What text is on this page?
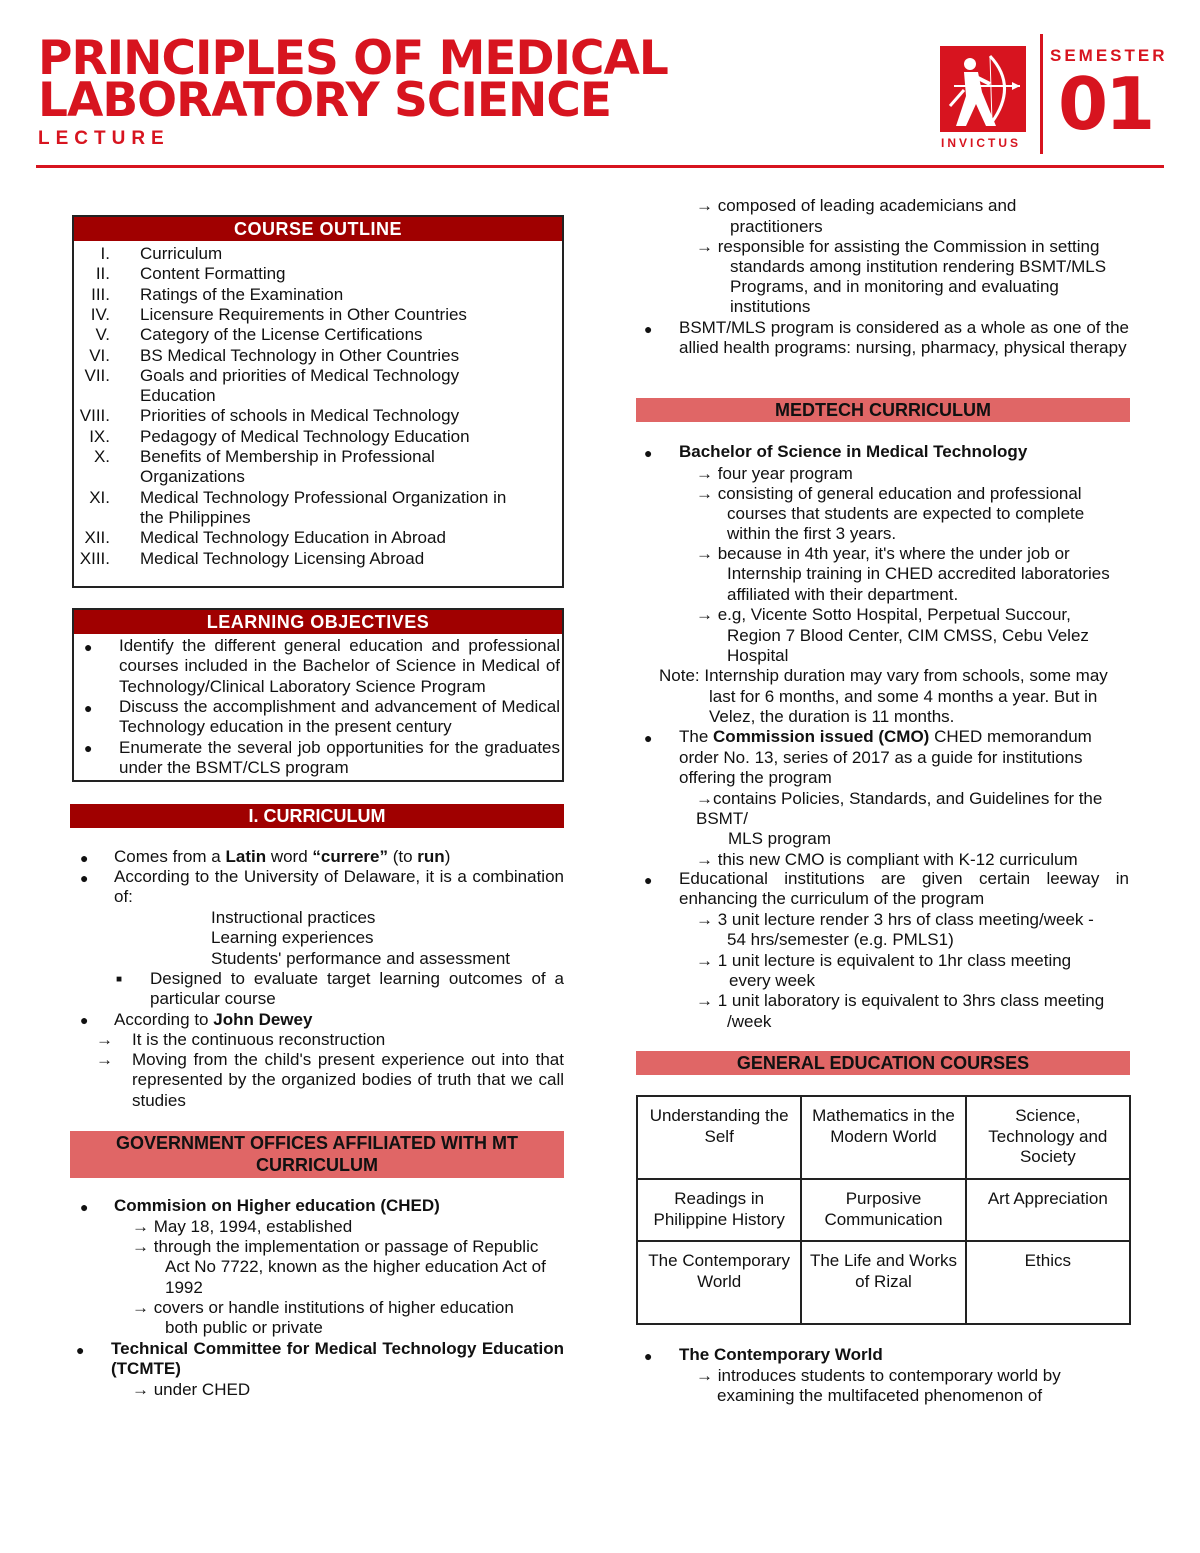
PRINCIPLES OF MEDICAL
LABORATORY SCIENCE
LECTURE	INVICTUS
SEMESTER
01
COURSE OUTLINE
I. Curriculum
II. Content Formatting
III. Ratings of the Examination
IV. Licensure Requirements in Other Countries
V. Category of the License Certifications
VI. BS Medical Technology in Other Countries
VII. Goals and priorities of Medical Technology
Education
VIII. Priorities of schools in Medical Technology
IX. Pedagogy of Medical Technology Education
X. Benefits of Membership in Professional
Organizations
XI. Medical Technology Professional Organization in
the Philippines
XII. Medical Technology Education in Abroad
XIII. Medical Technology Licensing Abroad
LEARNING OBJECTIVES
● Identify the different general education and professional courses included in the Bachelor of Science in Medical of Technology/Clinical Laboratory Science Program
● Discuss the accomplishment and advancement of Medical Technology education in the present century
● Enumerate the several job opportunities for the graduates under the BSMT/CLS program
I. CURRICULUM
● Comes from a Latin word “currere” (to run)
● According to the University of Delaware, it is a combination of:
Instructional practices
Learning experiences
Students' performance and assessment
■ Designed to evaluate target learning outcomes of a particular course
● According to John Dewey
→ It is the continuous reconstruction
→ Moving from the child's present experience out into that represented by the organized bodies of truth that we call studies
GOVERNMENT OFFICES AFFILIATED WITH MT
CURRICULUM
● Commision on Higher education (CHED)
→ May 18, 1994, established
→ through the implementation or passage of Republic
Act No 7722, known as the higher education Act of
1992
→ covers or handle institutions of higher education
both public or private
● Technical Committee for Medical Technology Education (TCMTE)
→ under CHED
→ composed of leading academicians and
practitioners
→ responsible for assisting the Commission in setting
standards among institution rendering BSMT/MLS
Programs, and in monitoring and evaluating
institutions
● BSMT/MLS program is considered as a whole as one of the allied health programs: nursing, pharmacy, physical therapy
MEDTECH CURRICULUM
● Bachelor of Science in Medical Technology
→ four year program
→ consisting of general education and professional
courses that students are expected to complete
within the first 3 years.
→ because in 4th year, it's where the under job or
Internship training in CHED accredited laboratories
affiliated with their department.
→ e.g, Vicente Sotto Hospital, Perpetual Succour,
Region 7 Blood Center, CIM CMSS, Cebu Velez
Hospital
Note: Internship duration may vary from schools, some may
last for 6 months, and some 4 months a year. But in
Velez, the duration is 11 months.
● The Commission issued (CMO) CHED memorandum
order No. 13, series of 2017 as a guide for institutions
offering the program
→contains Policies, Standards, and Guidelines for the
BSMT/
MLS program
→ this new CMO is compliant with K-12 curriculum
● Educational institutions are given certain leeway in enhancing the curriculum of the program
→ 3 unit lecture render 3 hrs of class meeting/week -
54 hrs/semester (e.g. PMLS1)
→ 1 unit lecture is equivalent to 1hr class meeting
every week
→ 1 unit laboratory is equivalent to 3hrs class meeting
/week
GENERAL EDUCATION COURSES
Understanding the Self	Mathematics in the Modern World	Science, Technology and Society
Readings in Philippine History	Purposive Communication	Art Appreciation
The Contemporary World	The Life and Works of Rizal	Ethics
● The Contemporary World
→ introduces students to contemporary world by
examining the multifaceted phenomenon of
